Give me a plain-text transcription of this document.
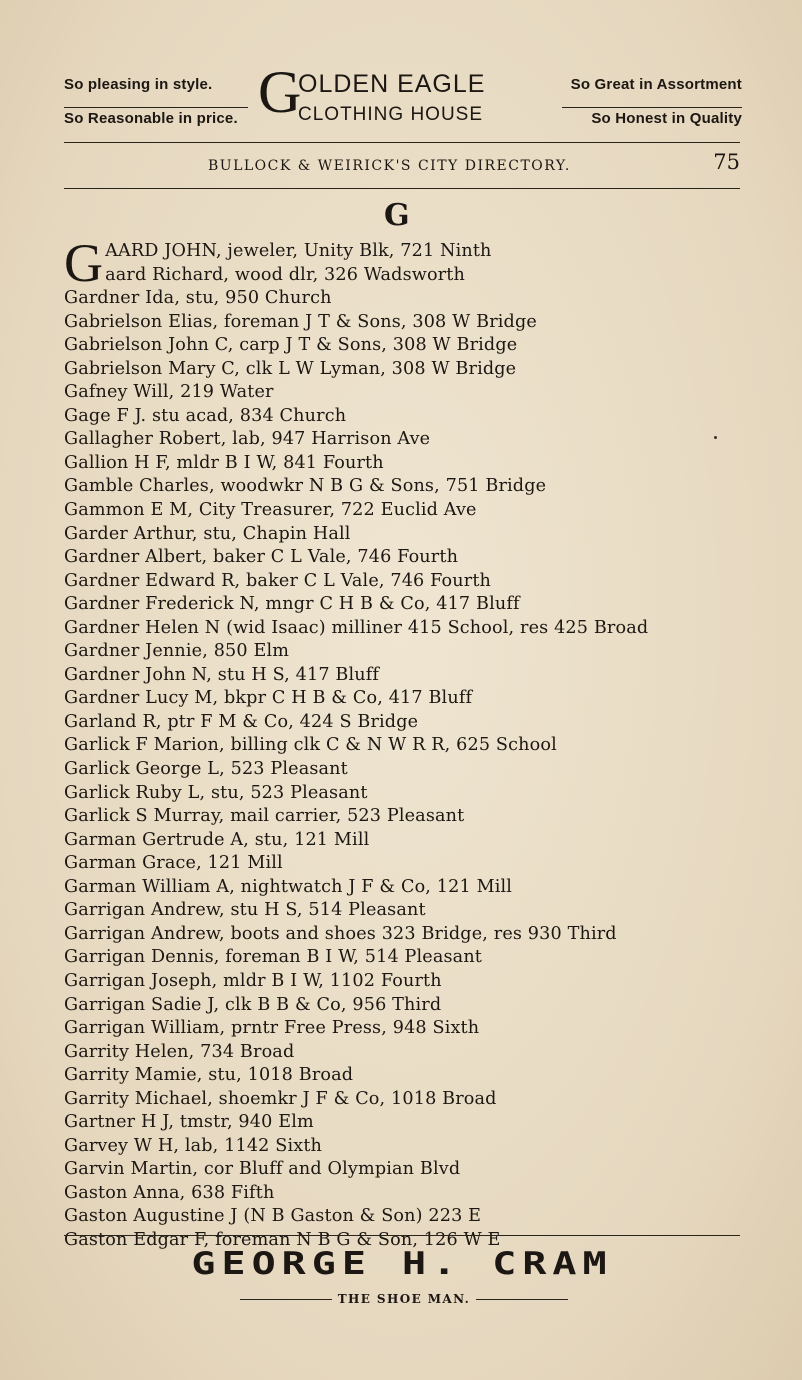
So pleasing in style.
So Reasonable in price. G
OLDEN EAGLE
CLOTHING HOUSE
So Great in Assortment
So Honest in Quality
BULLOCK & WEIRICK'S CITY DIRECTORY.	75
G
G AARD JOHN, jeweler, Unity Blk, 721 Ninth
aard Richard, wood dlr, 326 Wadsworth
Gardner Ida, stu, 950 Church
Gabrielson Elias, foreman J T & Sons, 308 W Bridge
Gabrielson John C, carp J T & Sons, 308 W Bridge
Gabrielson Mary C, clk L W Lyman, 308 W Bridge
Gafney Will, 219 Water
Gage F J. stu acad, 834 Church
Gallagher Robert, lab, 947 Harrison Ave
Gallion H F, mldr B I W, 841 Fourth
Gamble Charles, woodwkr N B G & Sons, 751 Bridge
Gammon E M, City Treasurer, 722 Euclid Ave
Garder Arthur, stu, Chapin Hall
Gardner Albert, baker C L Vale, 746 Fourth
Gardner Edward R, baker C L Vale, 746 Fourth
Gardner Frederick N, mngr C H B & Co, 417 Bluff
Gardner Helen N (wid Isaac) milliner 415 School, res 425 Broad
Gardner Jennie, 850 Elm
Gardner John N, stu H S, 417 Bluff
Gardner Lucy M, bkpr C H B & Co, 417 Bluff
Garland R, ptr F M & Co, 424 S Bridge
Garlick F Marion, billing clk C & N W R R, 625 School
Garlick George L, 523 Pleasant
Garlick Ruby L, stu, 523 Pleasant
Garlick S Murray, mail carrier, 523 Pleasant
Garman Gertrude A, stu, 121 Mill
Garman Grace, 121 Mill
Garman William A, nightwatch J F & Co, 121 Mill
Garrigan Andrew, stu H S, 514 Pleasant
Garrigan Andrew, boots and shoes 323 Bridge, res 930 Third
Garrigan Dennis, foreman B I W, 514 Pleasant
Garrigan Joseph, mldr B I W, 1102 Fourth
Garrigan Sadie J, clk B B & Co, 956 Third
Garrigan William, prntr Free Press, 948 Sixth
Garrity Helen, 734 Broad
Garrity Mamie, stu, 1018 Broad
Garrity Michael, shoemkr J F & Co, 1018 Broad
Gartner H J, tmstr, 940 Elm
Garvey W H, lab, 1142 Sixth
Garvin Martin, cor Bluff and Olympian Blvd
Gaston Anna, 638 Fifth
Gaston Augustine J (N B Gaston & Son) 223 E
Gaston Edgar F, foreman N B G & Son, 126 W E
GEORGE H. CRAM
THE SHOE MAN.
